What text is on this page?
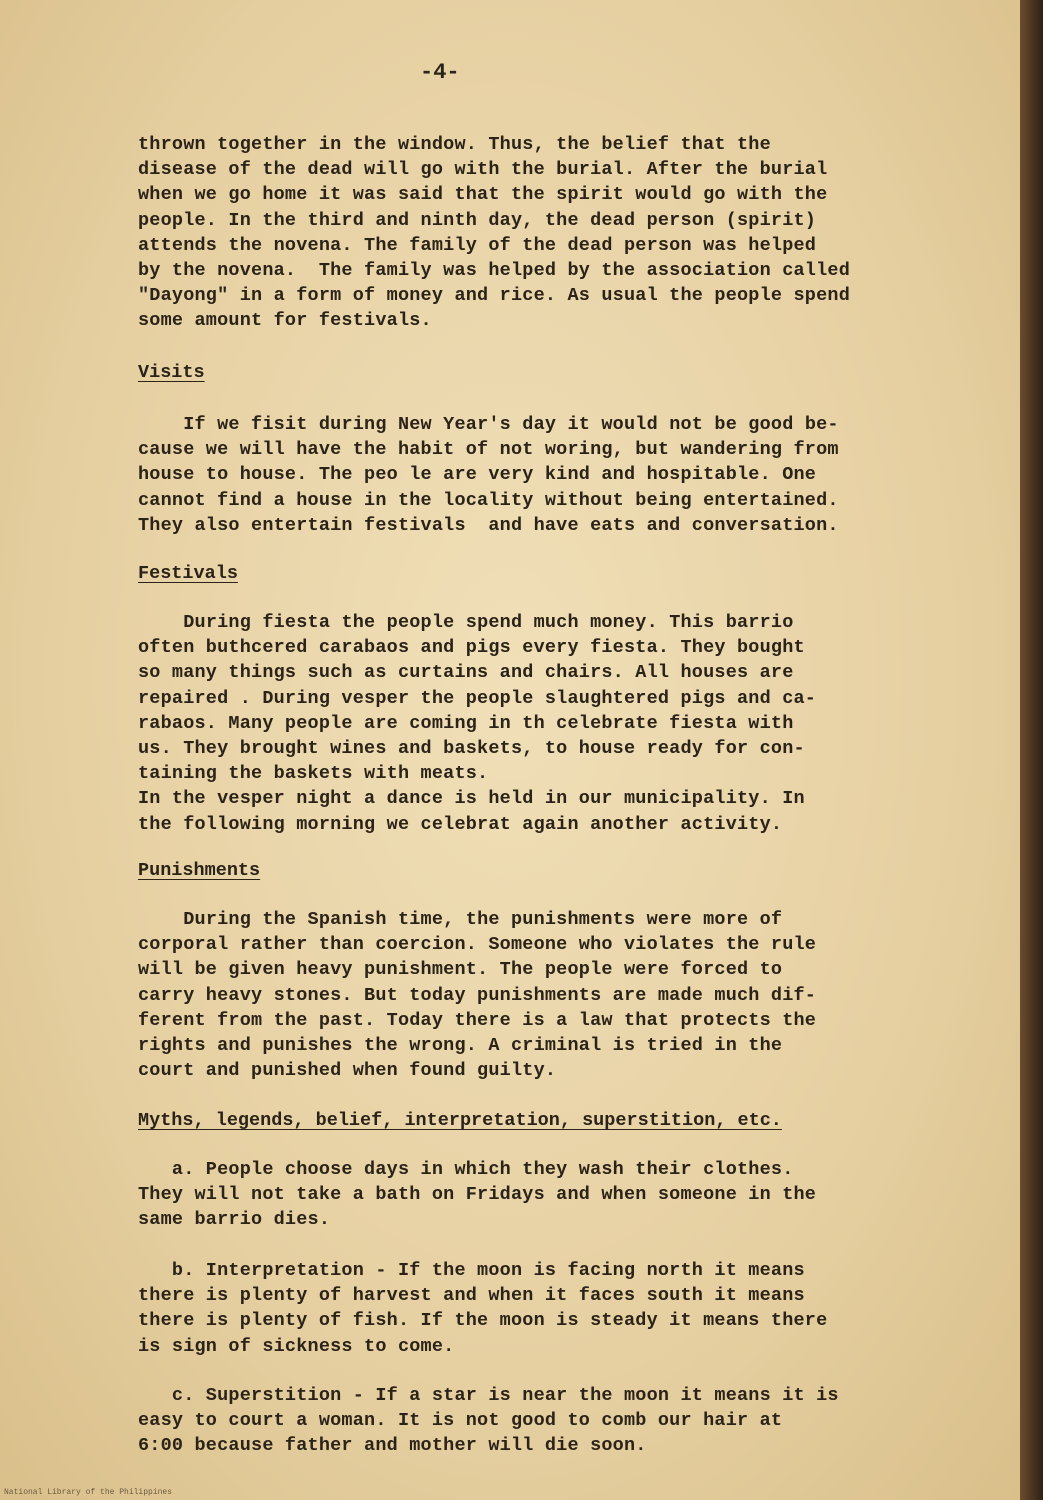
-4-
thrown together in the window. Thus, the belief that the
disease of the dead will go with the burial. After the burial
when we go home it was said that the spirit would go with the
people. In the third and ninth day, the dead person (spirit)
attends the novena. The family of the dead person was helped
by the novena.  The family was helped by the association called
"Dayong" in a form of money and rice. As usual the people spend
some amount for festivals.
Visits
If we fisit during New Year's day it would not be good be-
cause we will have the habit of not woring, but wandering from
house to house. The peo le are very kind and hospitable. One
cannot find a house in the locality without being entertained.
They also entertain festivals  and have eats and conversation.
Festivals
During fiesta the people spend much money. This barrio
often buthcered carabaos and pigs every fiesta. They bought
so many things such as curtains and chairs. All houses are
repaired . During vesper the people slaughtered pigs and ca-
rabaos. Many people are coming in th celebrate fiesta with
us. They brought wines and baskets, to house ready for con-
taining the baskets with meats.
In the vesper night a dance is held in our municipality. In
the following morning we celebrat again another activity.
Punishments
During the Spanish time, the punishments were more of
corporal rather than coercion. Someone who violates the rule
will be given heavy punishment. The people were forced to
carry heavy stones. But today punishments are made much dif-
ferent from the past. Today there is a law that protects the
rights and punishes the wrong. A criminal is tried in the
court and punished when found guilty.
Myths, legends, belief, interpretation, superstition, etc.
a. People choose days in which they wash their clothes.
They will not take a bath on Fridays and when someone in the
same barrio dies.
b. Interpretation - If the moon is facing north it means
there is plenty of harvest and when it faces south it means
there is plenty of fish. If the moon is steady it means there
is sign of sickness to come.
c. Superstition - If a star is near the moon it means it is
easy to court a woman. It is not good to comb our hair at
6:00 because father and mother will die soon.
National Library of the Philippines
